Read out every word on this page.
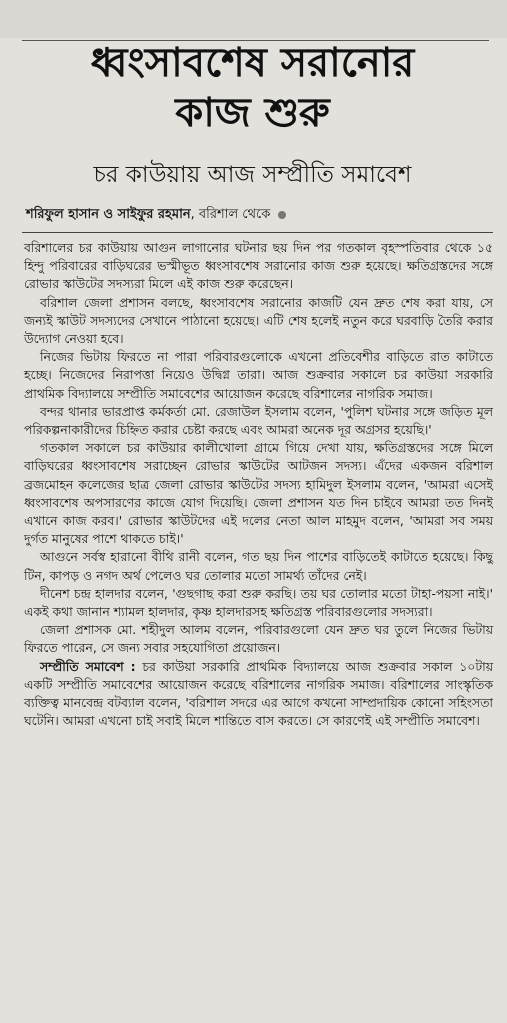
ধ্বংসাবশেষ সরানোর
কাজ শুরু
চর কাউয়ায় আজ সম্প্রীতি সমাবেশ
শরিফুল হাসান ও সাইফুর রহমান, বরিশাল থেকে

বরিশালের চর কাউয়ায় আগুন লাগানোর ঘটনার ছয় দিন পর গতকাল বৃহস্পতিবার থেকে ১৫ হিন্দু পরিবারের বাড়িঘরের ভস্মীভূত ধ্বংসাবশেষ সরানোর কাজ শুরু হয়েছে। ক্ষতিগ্রস্তদের সঙ্গে রোভার স্কাউটের সদস্যরা মিলে এই কাজ শুরু করেছেন।

বরিশাল জেলা প্রশাসন বলছে, ধ্বংসাবশেষ সরানোর কাজটি যেন দ্রুত শেষ করা যায়, সে জন্যই স্কাউট সদস্যদের সেখানে পাঠানো হয়েছে। এটি শেষ হলেই নতুন করে ঘরবাড়ি তৈরি করার উদ্যোগ নেওয়া হবে।

নিজের ভিটায় ফিরতে না পারা পরিবারগুলোকে এখনো প্রতিবেশীর বাড়িতে রাত কাটাতে হচ্ছে। নিজেদের নিরাপত্তা নিয়েও উদ্বিগ্ন তারা। আজ শুক্রবার সকালে চর কাউয়া সরকারি প্রাথমিক বিদ্যালয়ে সম্প্রীতি সমাবেশের আয়োজন করেছে বরিশালের নাগরিক সমাজ।

বন্দর থানার ভারপ্রাপ্ত কর্মকর্তা মো. রেজাউল ইসলাম বলেন, 'পুলিশ ঘটনার সঙ্গে জড়িত মূল পরিকল্পনাকারীদের চিহ্নিত করার চেষ্টা করছে এবং আমরা অনেক দূর অগ্রসর হয়েছি।'

গতকাল সকালে চর কাউয়ার কালীখোলা গ্রামে গিয়ে দেখা যায়, ক্ষতিগ্রস্তদের সঙ্গে মিলে বাড়িঘরের ধ্বংসাবশেষ সরাচ্ছেন রোভার স্কাউটের আটজন সদস্য। এঁদের একজন বরিশাল ব্রজমোহন কলেজের ছাত্র জেলা রোভার স্কাউটের সদস্য হামিদুল ইসলাম বলেন, 'আমরা এসেই ধ্বংসাবশেষ অপসারণের কাজে যোগ দিয়েছি। জেলা প্রশাসন যত দিন চাইবে আমরা তত দিনই এখানে কাজ করব।' রোভার স্কাউটদের এই দলের নেতা আল মাহমুদ বলেন, 'আমরা সব সময় দুর্গত মানুষের পাশে থাকতে চাই।'

আগুনে সর্বস্ব হারানো বীথি রানী বলেন, গত ছয় দিন পাশের বাড়িতেই কাটাতে হয়েছে। কিছু টিন, কাপড় ও নগদ অর্থ পেলেও ঘর তোলার মতো সামর্থ্য তাঁদের নেই।

দীনেশ চন্দ্র হালদার বলেন, 'গুছগাছ করা শুরু করছি। তয় ঘর তোলার মতো টাহা-পয়সা নাই।' একই কথা জানান শ্যামল হালদার, কৃষ্ণ হালদারসহ ক্ষতিগ্রস্ত পরিবারগুলোর সদস্যরা।

জেলা প্রশাসক মো. শহীদুল আলম বলেন, পরিবারগুলো যেন দ্রুত ঘর তুলে নিজের ভিটায় ফিরতে পারেন, সে জন্য সবার সহযোগিতা প্রয়োজন।

সম্প্রীতি সমাবেশ : চর কাউয়া সরকারি প্রাথমিক বিদ্যালয়ে আজ শুক্রবার সকাল ১০টায় একটি সম্প্রীতি সমাবেশের আয়োজন করেছে বরিশালের নাগরিক সমাজ। বরিশালের সাংস্কৃতিক ব্যক্তিত্ব মানবেন্দ্র বটব্যাল বলেন, 'বরিশাল সদরে এর আগে কখনো সাম্প্রদায়িক কোনো সহিংসতা ঘটেনি। আমরা এখনো চাই সবাই মিলে শান্তিতে বাস করতে। সে কারণেই এই সম্প্রীতি সমাবেশ।
